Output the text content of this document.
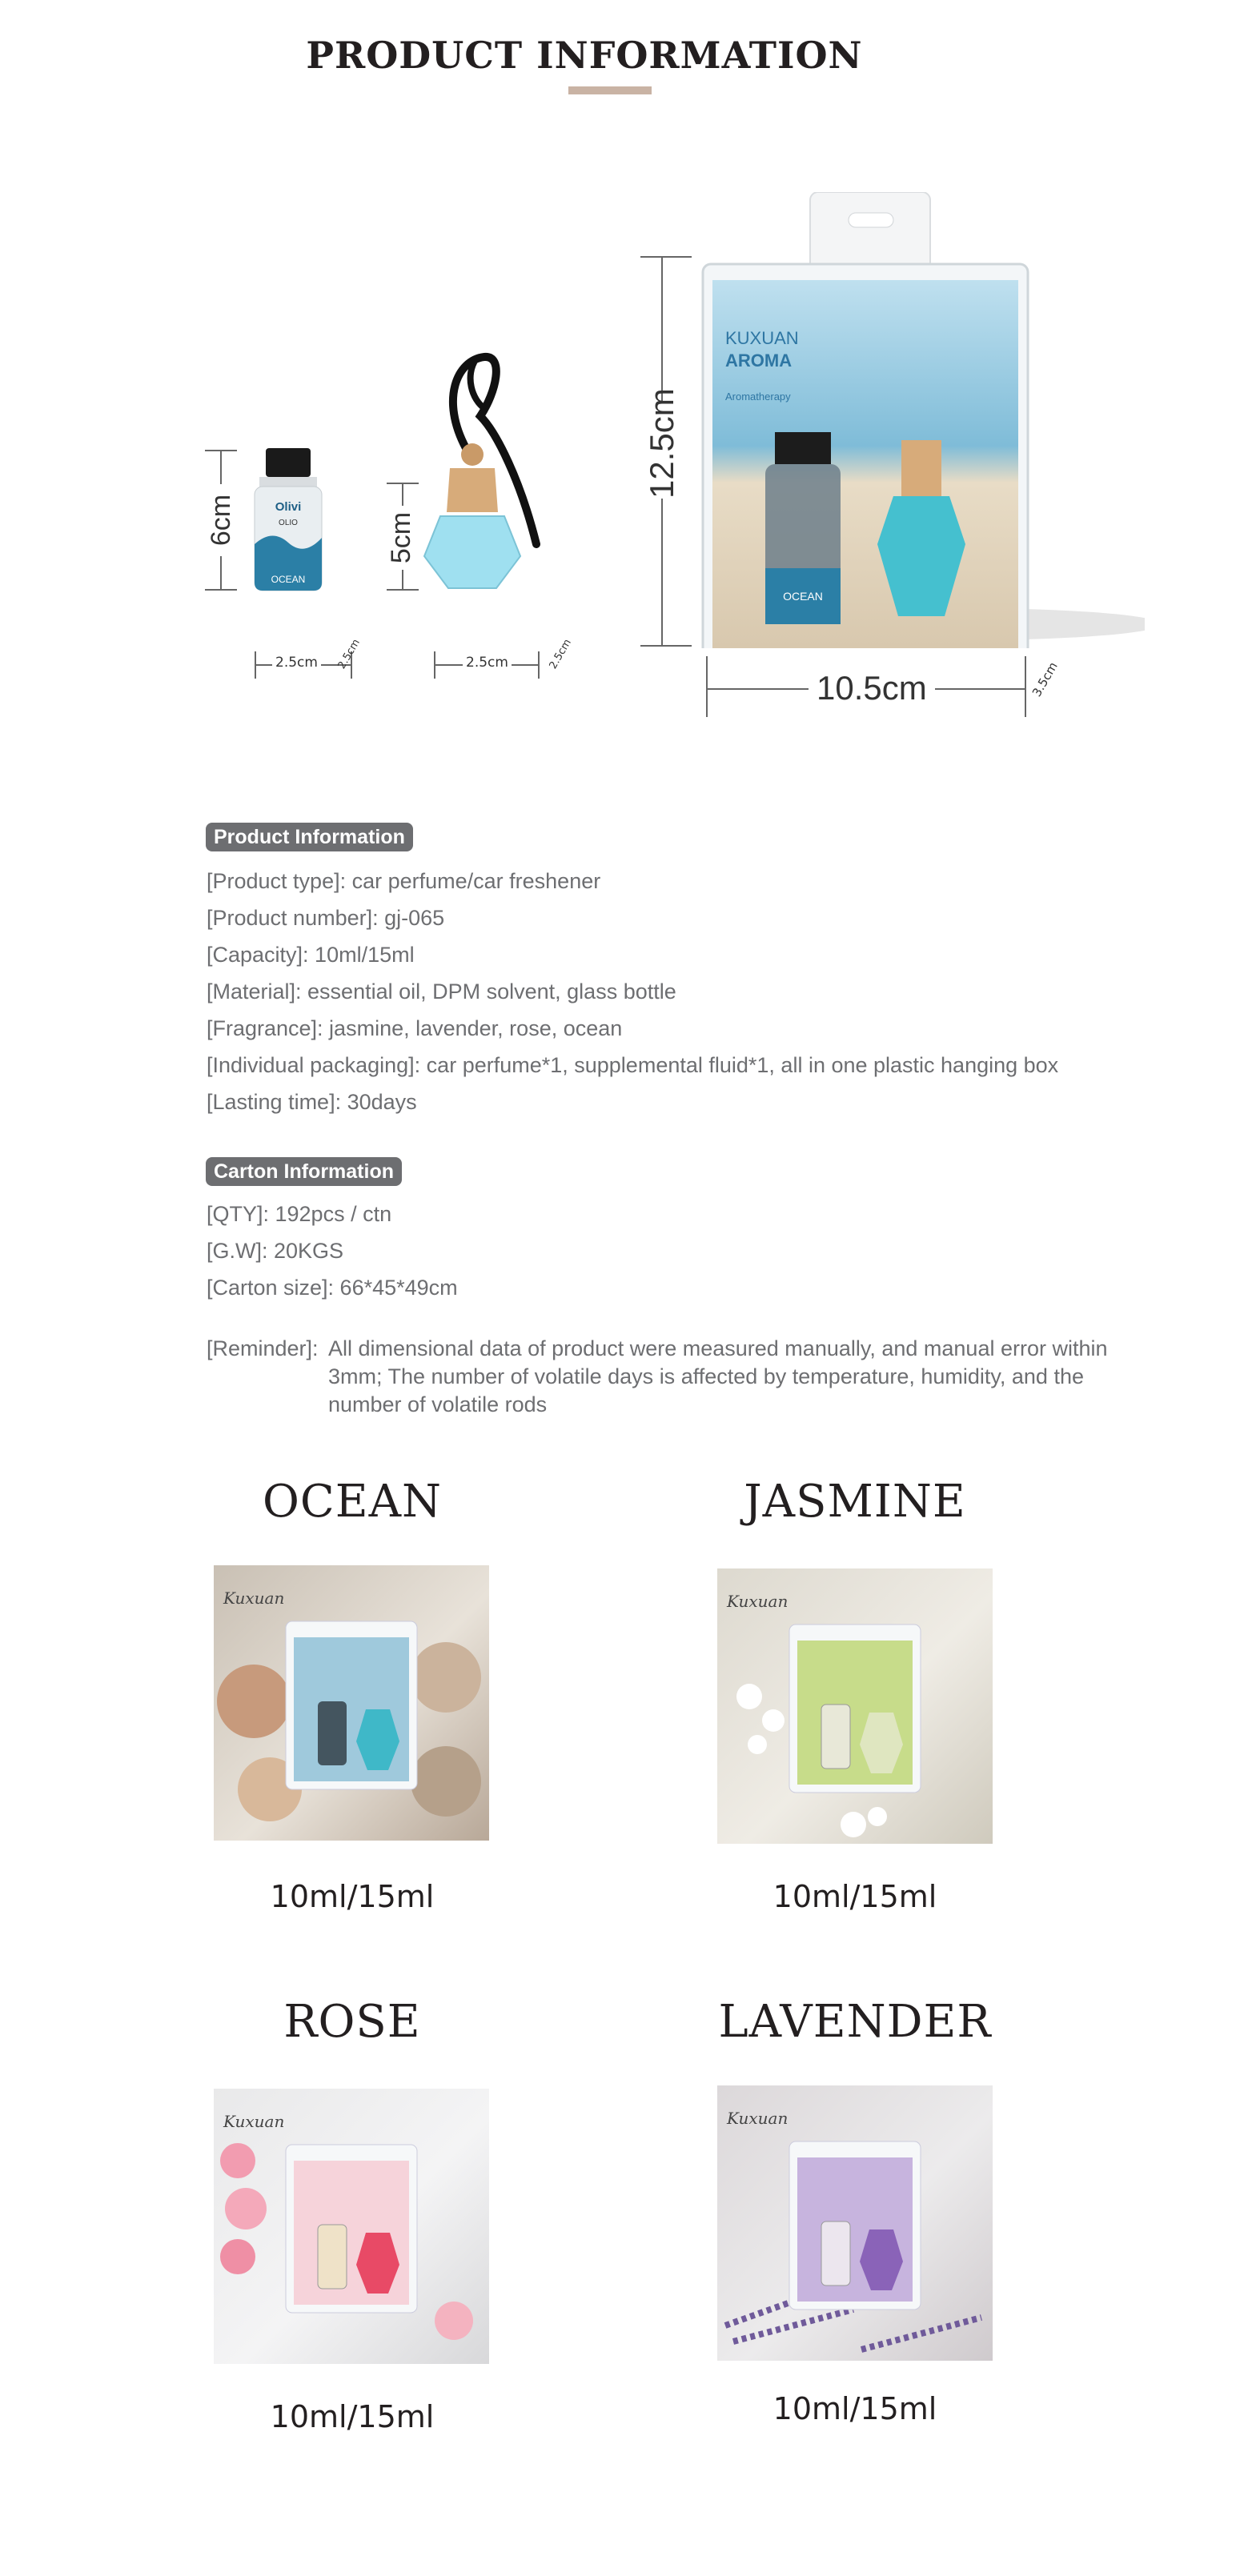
PRODUCT INFORMATION
Olivi
OLIO
OCEAN
6cm
2.5cm	2.5cm
5cm
2.5cm	2.5cm
KUXUAN
AROMA
Aromatherapy
OCEAN
12.5cm
10.5cm	3.5cm
Product Information
[Product type]: car perfume/car freshener
[Product number]: gj-065
[Capacity]: 10ml/15ml
[Material]: essential oil, DPM solvent, glass bottle
[Fragrance]: jasmine, lavender, rose, ocean
[Individual packaging]: car perfume*1, supplemental fluid*1, all in one plastic hanging box
[Lasting time]: 30days
Carton Information
[QTY]: 192pcs / ctn
[G.W]: 20KGS
[Carton size]: 66*45*49cm
[Reminder]: All dimensional data of product were measured manually, and manual error within 3mm; The number of volatile days is affected by temperature, humidity, and the number of volatile rods
OCEAN	JASMINE
Kuxuan	Kuxuan
10ml/15ml	10ml/15ml
ROSE	LAVENDER
Kuxuan	Kuxuan
10ml/15ml	10ml/15ml
